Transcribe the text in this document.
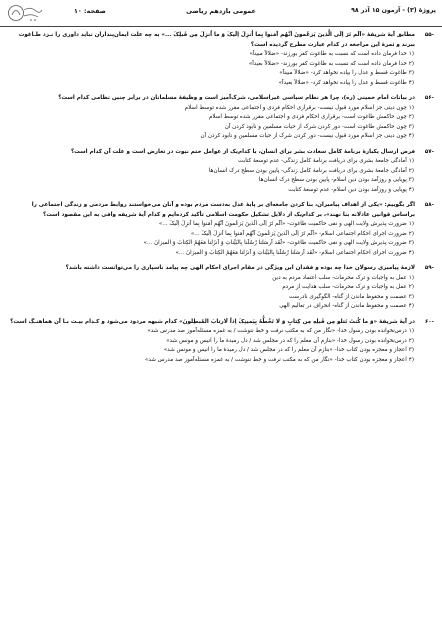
پروژهٔ (۳) - آزمون ۱۵ آذر ۹۸
عمومی یازدهم ریاضی
صفحه: ۱۰
-۵۵
مطابق آیهٔ شریفهٔ «اَلَم تَرَ اِلَی الَّذینَ یَزعُمونَ اَنَّهُم آمَنوا بِما اُنزِلَ اِلَیکَ وَ ما اُنزِلَ مِن قَبلِکَ ...» به چه علت ایمان‌پنداران نباید داوری را نـزد طـاغوت ببرند و ثمرهٔ این مراجعه در کدام عبارت مطرح گردیده است؟
(۱
خدا فرمان داده است که نسبت به طاغوت کفر بورزند- «ضلالاً مبیناً»
(۲
خدا فرمان داده است که نسبت به طاغوت کفر بورزند- «ضلالاً بعیداً»
(۳
طاغوت قسط و عدل را بپاده نخواهد کرد- «ضلالاً مبیناً»
(۴
طاغوت قسط و عدل را پیاده نخواهد کرد- «ضلالاً بعیداً»
-۵۶
در بیانات امام خمینی (ره)، چرا هر نظام سیاسی غیراسلامی، شرک‌آمیز است و وظیفهٔ مسلمانان در برابر چنین نظامی کدام است؟
(۱
چون دینی جز اسلام مورد قبول نیست- برقراری احکام فردی و اجتماعی مقرر شده توسط اسلام
(۲
چون حاکمش طاغوت است- برقراری احکام فردی و اجتماعی مقرر شده توسط اسلام
(۳
چون حاکمش طاغوت است- دور کردن شرک از حیات مسلمین و نابود کردن آن
(۴
چون دینی جز اسلام مورد قبول نیست- دور کردن شرک از حیات مسلمین و نابود کردن آن
-۵۷
فرض ارسال یکبارهٔ برنامهٔ کامل سعادت بشر برای انسان، با کدام‌یک از عوامل ختم نبوت در تعارض است و علت آن کدام است؟
(۱
آمادگی جامعهٔ بشری برای دریافت برنامهٔ کامل زندگی- عدم توسعهٔ کتابت
(۲
آمادگی جامعهٔ بشری برای دریافت برنامهٔ کامل زندگی- پایین بودن سطح درک انسان‌ها
(۳
پویایی و روزآمد بودن دین اسلام- پایین بودن سطح درک انسان‌ها
(۴
پویایی و روزآمد بودن دین اسلام- عدم توسعهٔ کتابت
-۵۸
اگر بگوییم: «یکی از اهداف پیامبران، بنا کردن جامعه‌ای بر پایهٔ عدل به‌دست مردم بوده و آنان می‌خواستند روابط مردمی و زندگی اجتماعی را براساس قوانین عادلانه بنا نهند»، بر کدام‌یک از دلایل تشکیل حکومت اسلامی تأکید کرده‌ایم و کدام آیهٔ شریفه وافی به این مقصود است؟
(۱
ضرورت پذیرش ولایت الهی و نفی حاکمیت طاغوت- «اَلَم تَرَ اِلَی الَّذینَ یَزعُمونَ اَنَّهُم آمَنوا بِما اُنزِلَ اِلَیکَ ...»
(۲
ضرورت اجرای احکام اجتماعی اسلام- «اَلَم تَرَ اِلَی الَّذینَ یَزعُمونَ اَنَّهُم آمَنوا بِما اُنزِلَ اِلَیکَ ...»
(۳
ضرورت پذیرش ولایت الهی و نفی حاکمیت طاغوت- «لَقَد اَرسَلنا رُسُلَنا بِالبَیِّناتِ وَ اَنزَلنا مَعَهُمُ الکِتابَ وَ المیزانَ ...»
(۴
ضرورت اجرای احکام اجتماعی اسلام- «لَقَد اَرسَلنا رُسُلَنا بِالبَیِّناتِ وَ اَنزَلنا مَعَهُمُ الکِتابَ وَ المیزانَ ...»
-۵۹
لازمهٔ پیامبری رسولان خدا چه بوده و فقدان این ویژگی در مقام اجرای احکام الهی چه پیامد ناسپاری را می‌توانست داشته باشد؟
(۱
عمل به واجبات و ترک محرمات- سلب اعتماد مردم به دین
(۲
عمل به واجبات و ترک محرمات- سلب هدایت از مردم
(۳
عصمت و محفوظ ماندن از گناه- الگوگیری نادرست
(۴
عصمت و محفوظ ماندن از گناه- انحراف در تعالیم الهی
-۶۰
در آیهٔ شریفهٔ «وَ ما کُنتَ تَتلو مِن قَبلِهِ مِن کِتابٍ وَ لا تَخُطُّهُ بِیَمینِکَ اِذاً لَارتابَ المُبطِلونَ» کدام شبهه مردود می‌شود و کـدام بیـت بـا آن هماهنـگ است؟
(۱
درس‌نخوانده بودن رسول خدا- «نگار من که به مکتب نرفت و خط ننوشت / به غمزه مسئله‌آموز صد مدرس شد»
(۲
درس‌نخوانده بودن رسول خدا- «بنازم آن معلم را که در مجلس شد / دل رمیدهٔ ما را انیس و مونس شد»
(۳
اعجاز و معجزه بودن کتاب خدا- «بنازم آن معلم را که در مجلس شد / دل رمیدهٔ ما را انیس و مونس شد»
(۴
اعجاز و معجزه بودن کتاب خدا- «نگار من که به مکتب نرفت و خط ننوشت / به غمزه مسئله‌آموز صد مدرس شد»
